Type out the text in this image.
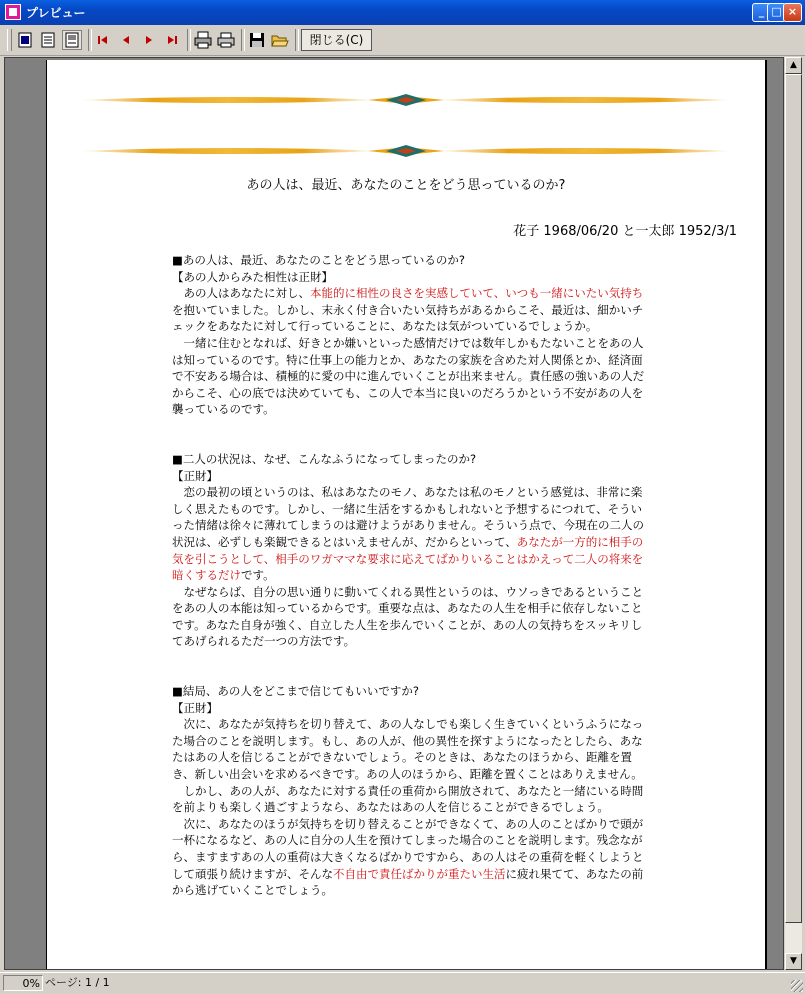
プレビュー	_ □ ×
閉じる(C)
あの人は、最近、あなたのことをどう思っているのか?
花子 1968/06/20 と一太郎 1952/3/1

■あの人は、最近、あなたのことをどう思っているのか?

【あの人からみた相性は正財】

　あの人はあなたに対し、本能的に相性の良さを実感していて、いつも一緒にいたい気持ちを抱いていました。しかし、末永く付き合いたい気持ちがあるからこそ、最近は、細かいチェックをあなたに対して行っていることに、あなたは気がついているでしょうか。

　一緒に住むとなれば、好きとか嫌いといった感情だけでは数年しかもたないことをあの人は知っているのです。特に仕事上の能力とか、あなたの家族を含めた対人関係とか、経済面で不安ある場合は、積極的に愛の中に進んでいくことが出来ません。責任感の強いあの人だからこそ、心の底では決めていても、この人で本当に良いのだろうかという不安があの人を襲っているのです。

■二人の状況は、なぜ、こんなふうになってしまったのか?

【正財】

　恋の最初の頃というのは、私はあなたのモノ、あなたは私のモノという感覚は、非常に楽しく思えたものです。しかし、一緒に生活をするかもしれないと予想するにつれて、そういった情緒は徐々に薄れてしまうのは避けようがありません。そういう点で、今現在の二人の状況は、必ずしも楽観できるとはいえませんが、だからといって、あなたが一方的に相手の気を引こうとして、相手のワガママな要求に応えてばかりいることはかえって二人の将来を暗くするだけです。

　なぜならば、自分の思い通りに動いてくれる異性というのは、ウソっきであるということをあの人の本能は知っているからです。重要な点は、あなたの人生を相手に依存しないことです。あなた自身が強く、自立した人生を歩んでいくことが、あの人の気持ちをスッキリしてあげられるただ一つの方法です。

■結局、あの人をどこまで信じてもいいですか?

【正財】

　次に、あなたが気持ちを切り替えて、あの人なしでも楽しく生きていくというふうになった場合のことを説明します。もし、あの人が、他の異性を探すようになったとしたら、あなたはあの人を信じることができないでしょう。そのときは、あなたのほうから、距離を置き、新しい出会いを求めるべきです。あの人のほうから、距離を置くことはありえません。

　しかし、あの人が、あなたに対する責任の重荷から開放されて、あなたと一緒にいる時間を前よりも楽しく過ごすようなら、あなたはあの人を信じることができるでしょう。

　次に、あなたのほうが気持ちを切り替えることができなくて、あの人のことばかりで頭が一杯になるなど、あの人に自分の人生を預けてしまった場合のことを説明します。残念ながら、ますますあの人の重荷は大きくなるばかりですから、あの人はその重荷を軽くしようとして頑張り続けますが、そんな不自由で責任ばかりが重たい生活に疲れ果てて、あなたの前から逃げていくことでしょう。

▲
▼
0% ページ: 1 / 1
